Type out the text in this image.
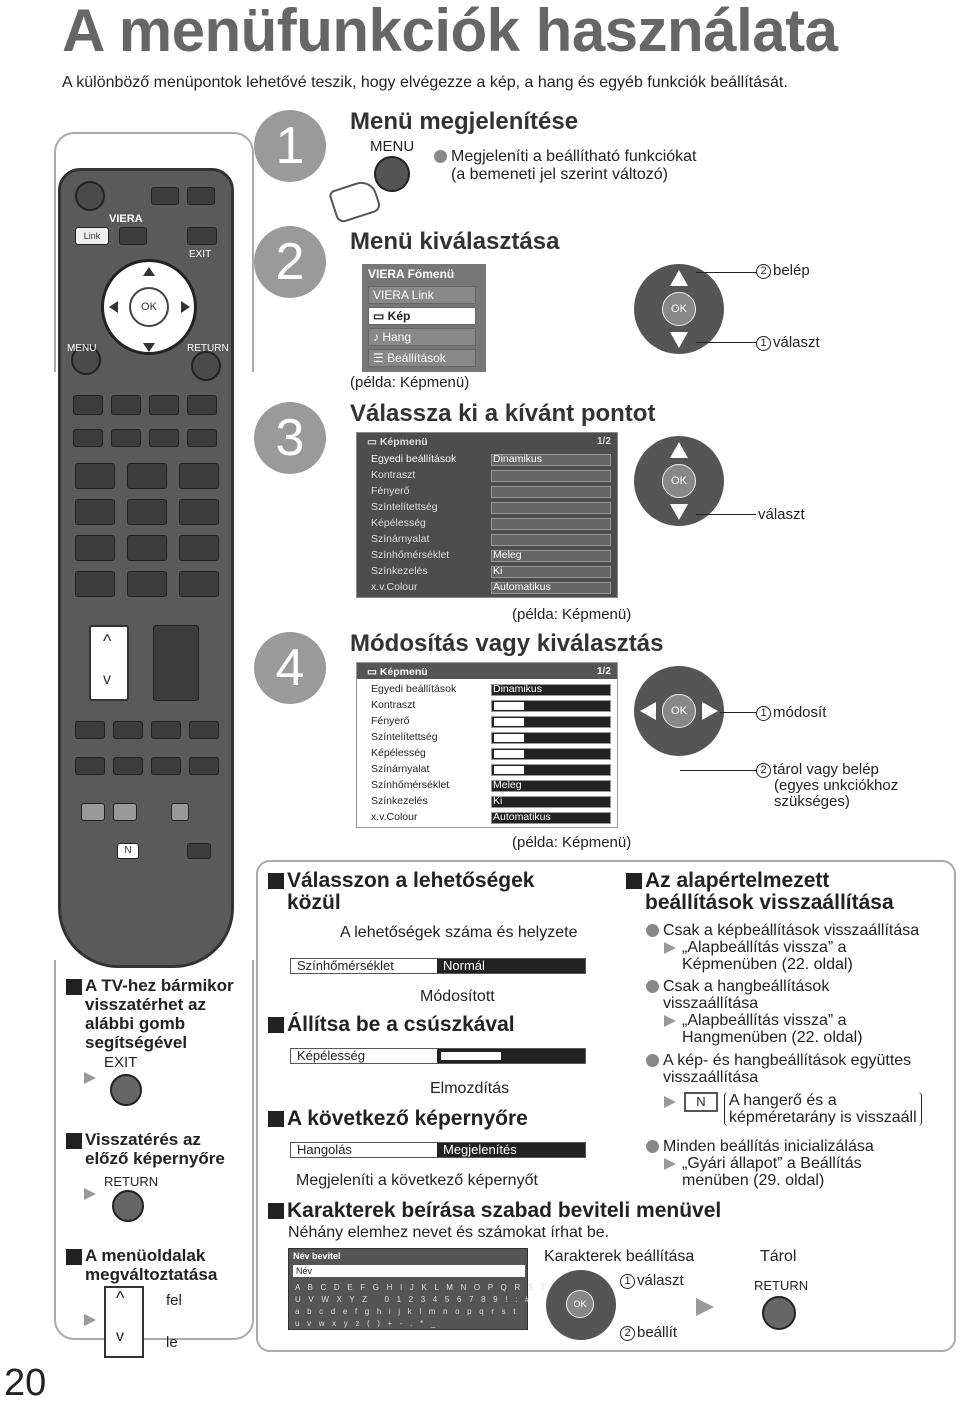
A menüfunkciók használata
A különböző menüpontok lehetővé teszik, hogy elvégezze a kép, a hang és egyéb funkciók beállítását.
20
VIERA
Link
EXIT
OK
MENU	RETURN
^
v
N
1	Menü megjelenítése
MENU
Megjeleníti a beállítható funkciókat
(a bemeneti jel szerint változó)
2	Menü kiválasztása
VIERA Főmenü
VIERA Link
▭ Kép
♪ Hang
☰ Beállítások
(példa: Képmenü)
OK
2 belép
1 választ
3	Válassza ki a kívánt pontot
▭ Képmenü	1/2
Egyedi beállítások	Dinamikus
Kontraszt
Fényerő
Színtelítettség
Képélesség
Színárnyalat
Színhőmérséklet	Meleg
Színkezelés	Ki
x.v.Colour	Automatikus
(példa: Képmenü)
OK
választ
4	Módosítás vagy kiválasztás
▭ Képmenü	1/2
Egyedi beállítások	Dinamikus
Kontraszt
Fényerő
Színtelítettség
Képélesség
Színárnyalat
Színhőmérséklet	Meleg
Színkezelés	Ki
x.v.Colour	Automatikus
(példa: Képmenü)
OK	1 módosít
2 tárol vagy belép
(egyes unkciókhoz
szükséges)
A TV-hez bármikor
visszatérhet az
alábbi gomb
segítségével
EXIT
Visszatérés az
előző képernyőre
RETURN
A menüoldalak
megváltoztatása
^
v
fel
le
Válasszon a lehetőségek
közül
A lehetőségek száma és helyzete
Színhőmérséklet	Normál
Módosított
Állítsa be a csúszkával
Képélesség
Elmozdítás
A következő képernyőre
Hangolás	Megjelenítés
Megjeleníti a következő képernyőt
Az alapértelmezett
beállítások visszaállítása
Csak a képbeállítások visszaállítása
„Alapbeállítás vissza” a
Képmenüben (22. oldal)
Csak a hangbeállítások
visszaállítása
„Alapbeállítás vissza” a
Hangmenüben (22. oldal)
A kép- és hangbeállítások együttes
visszaállítása
N	A hangerő és a
képméretarány is visszaáll
Minden beállítás inicializálása
„Gyári állapot” a Beállítás
menüben (29. oldal)
Karakterek beírása szabad beviteli menüvel
Néhány elemhez nevet és számokat írhat be.
Név bevitel
Név
A B C D E F G H I J K L M N O P Q R S T
U V W X Y Z   0 1 2 3 4 5 6 7 8 9 ! : #
a b c d e f g h i j k l m n o p q r s t
u v w x y z ( ) + - . * _
Karakterek beállítása
OK
1 választ
2 beállít
Tárol
RETURN
